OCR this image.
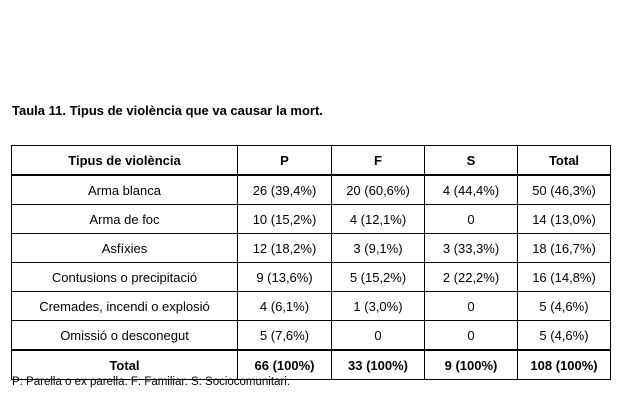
Taula 11. Tipus de violència que va causar la mort.
Tipus de violència	P	F	S	Total
Arma blanca	26 (39,4%)	20 (60,6%)	4 (44,4%)	50 (46,3%)
Arma de foc	10 (15,2%)	4 (12,1%)	0	14 (13,0%)
Asfíxies	12 (18,2%)	3 (9,1%)	3 (33,3%)	18 (16,7%)
Contusions o precipitació	9 (13,6%)	5 (15,2%)	2 (22,2%)	16 (14,8%)
Cremades, incendi o explosió	4 (6,1%)	1 (3,0%)	0	5 (4,6%)
Omissió o desconegut	5 (7,6%)	0	0	5 (4,6%)
Total	66 (100%)	33 (100%)	9 (100%)	108 (100%)
P: Parella o ex parella. F: Familiar. S: Sociocomunitari.
